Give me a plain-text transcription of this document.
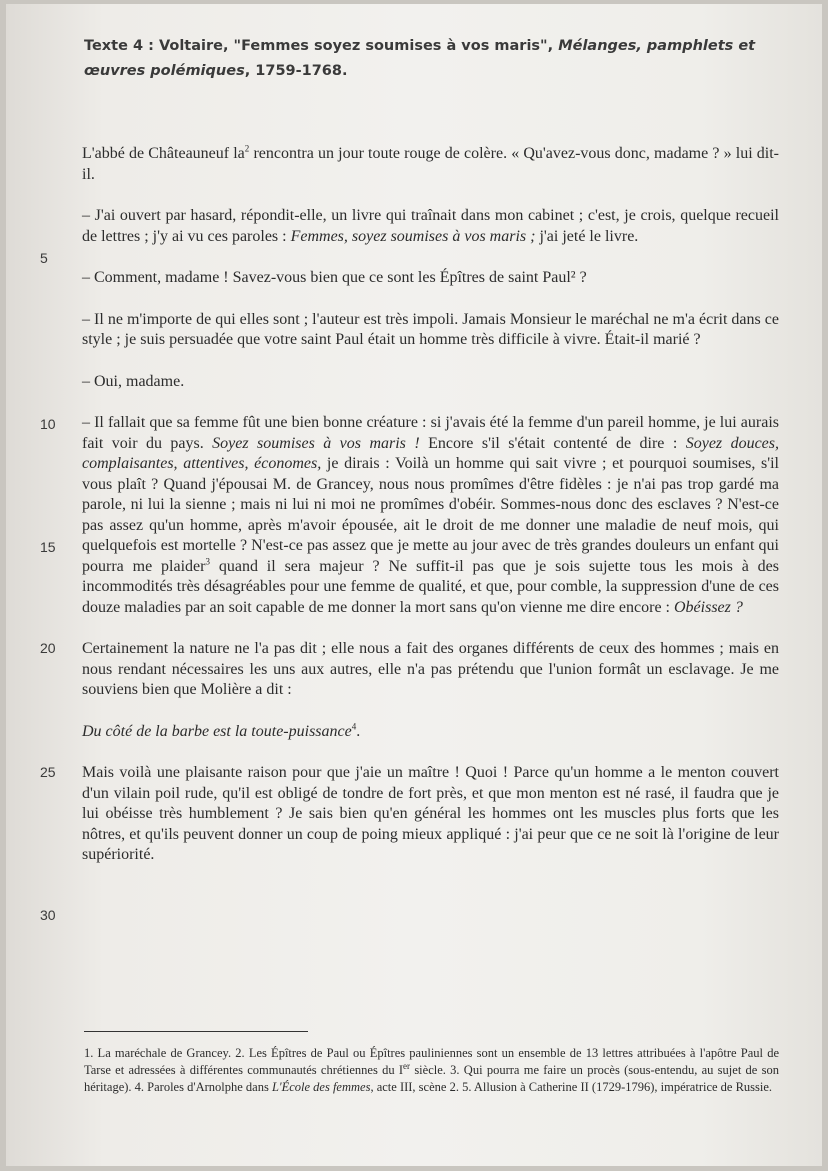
Texte 4 : Voltaire, "Femmes soyez soumises à vos maris", Mélanges, pamphlets et œuvres polémiques, 1759-1768.
5
10
15
20
25
30

L'abbé de Châteauneuf $la^2$ rencontra un jour toute rouge de colère. « Qu'avez-vous donc, madame ? » lui dit-il.

– J'ai ouvert par hasard, répondit-elle, un livre qui traînait dans mon cabinet ; c'est, je crois, quelque recueil de lettres ; j'y ai vu ces paroles : Femmes, soyez soumises à vos maris ; j'ai jeté le livre.

– Comment, madame ! Savez-vous bien que ce sont les Épîtres de saint Paul² ?

– Il ne m'importe de qui elles sont ; l'auteur est très impoli. Jamais Monsieur le maréchal ne m'a écrit dans ce style ; je suis persuadée que votre saint Paul était un homme très difficile à vivre. Était-il marié ?

– Oui, madame.

– Il fallait que sa femme fût une bien bonne créature : si j'avais été la femme d'un pareil homme, je lui aurais fait voir du pays. Soyez soumises à vos maris ! Encore s'il s'était contenté de dire : Soyez douces, complaisantes, attentives, économes, je dirais : Voilà un homme qui sait vivre ; et pourquoi soumises, s'il vous plaît ? Quand j'épousai M. de Grancey, nous nous promîmes d'être fidèles : je n'ai pas trop gardé ma parole, ni lui la sienne ; mais ni lui ni moi ne promîmes d'obéir. Sommes-nous donc des esclaves ? N'est-ce pas assez qu'un homme, après m'avoir épousée, ait le droit de me donner une maladie de neuf mois, qui quelquefois est mortelle ? N'est-ce pas assez que je mette au jour avec de très grandes douleurs un enfant qui pourra me plaider$^3$ quand il sera majeur ? Ne suffit-il pas que je sois sujette tous les mois à des incommodités très désagréables pour une femme de qualité, et que, pour comble, la suppression d'une de ces douze maladies par an soit capable de me donner la mort sans qu'on vienne me dire encore : Obéissez ?

Certainement la nature ne l'a pas dit ; elle nous a fait des organes différents de ceux des hommes ; mais en nous rendant nécessaires les uns aux autres, elle n'a pas prétendu que l'union formât un esclavage. Je me souviens bien que Molière a dit :

Du côté de la barbe est la toute-puissance$^4$.

Mais voilà une plaisante raison pour que j'aie un maître ! Quoi ! Parce qu'un homme a le menton couvert d'un vilain poil rude, qu'il est obligé de tondre de fort près, et que mon menton est né rasé, il faudra que je lui obéisse très humblement ? Je sais bien qu'en général les hommes ont les muscles plus forts que les nôtres, et qu'ils peuvent donner un coup de poing mieux appliqué : j'ai peur que ce ne soit là l'origine de leur supériorité.

1. La maréchale de Grancey. 2. Les Épîtres de Paul ou Épîtres pauliniennes sont un ensemble de 13 lettres attribuées à l'apôtre Paul de Tarse et adressées à différentes communautés chrétiennes du Ier siècle. 3. Qui pourra me faire un procès (sous-entendu, au sujet de son héritage). 4. Paroles d'Arnolphe dans L'École des femmes, acte III, scène 2. 5. Allusion à Catherine II (1729-1796), impératrice de Russie.
